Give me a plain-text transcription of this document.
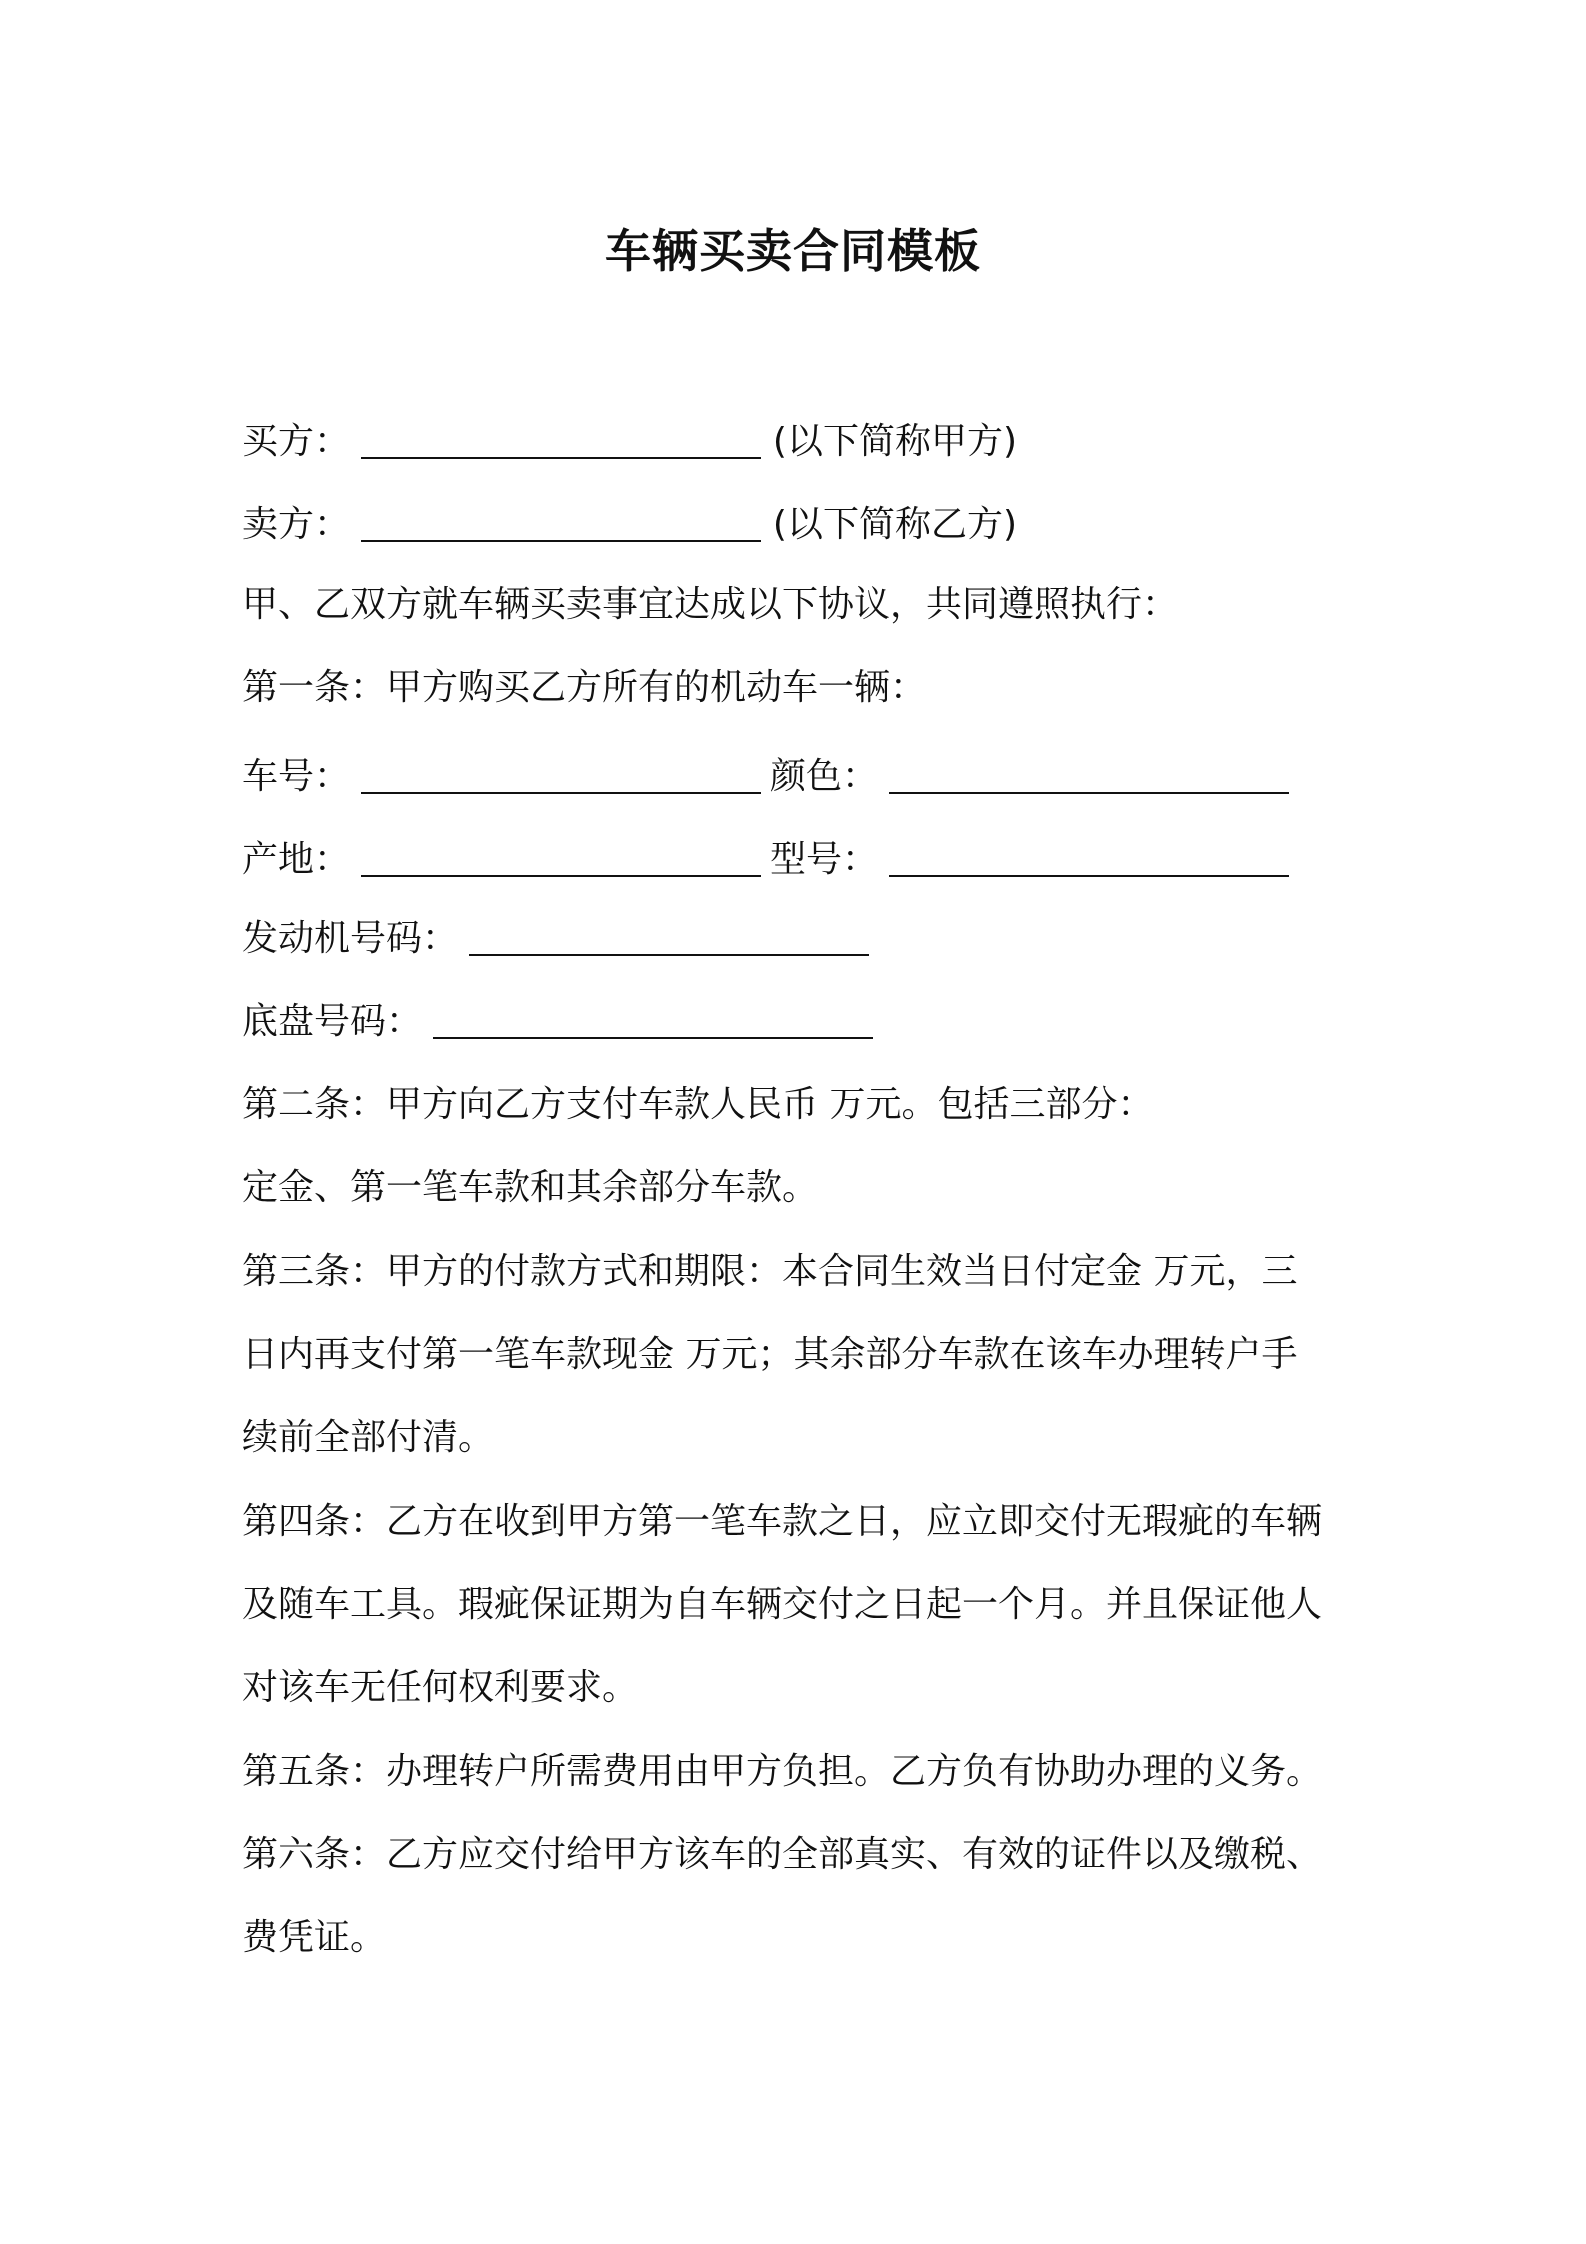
车辆买卖合同模板
买方：	(以下简称甲方)
卖方：	(以下简称乙方)
甲、乙双方就车辆买卖事宜达成以下协议，共同遵照执行：
第一条：甲方购买乙方所有的机动车一辆：
车号：	颜色：
产地：	型号：
发动机号码：
底盘号码：
第二条：甲方向乙方支付车款人民币 万元。包括三部分：
定金、第一笔车款和其余部分车款。
第三条：甲方的付款方式和期限：本合同生效当日付定金 万元，三
日内再支付第一笔车款现金 万元；其余部分车款在该车办理转户手
续前全部付清。
第四条：乙方在收到甲方第一笔车款之日，应立即交付无瑕疵的车辆
及随车工具。瑕疵保证期为自车辆交付之日起一个月。并且保证他人
对该车无任何权利要求。
第五条：办理转户所需费用由甲方负担。乙方负有协助办理的义务。
第六条：乙方应交付给甲方该车的全部真实、有效的证件以及缴税、
费凭证。
